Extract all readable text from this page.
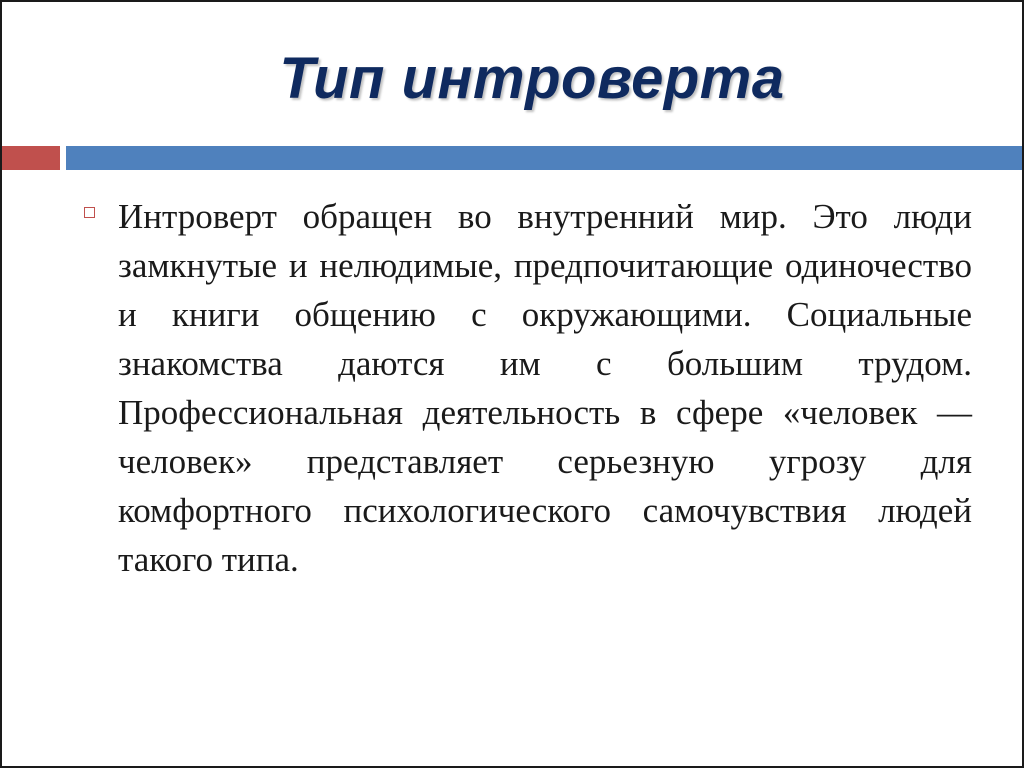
Тип интроверта
Интроверт обращен во внутренний мир. Это люди замкнутые и нелюдимые, предпочитающие одиночество и книги общению с окружающими. Социальные знакомства даются им с большим трудом. Профессиональная деятельность в сфере «человек — человек» представляет серьезную угрозу для комфортного психологического самочувствия людей такого типа.
